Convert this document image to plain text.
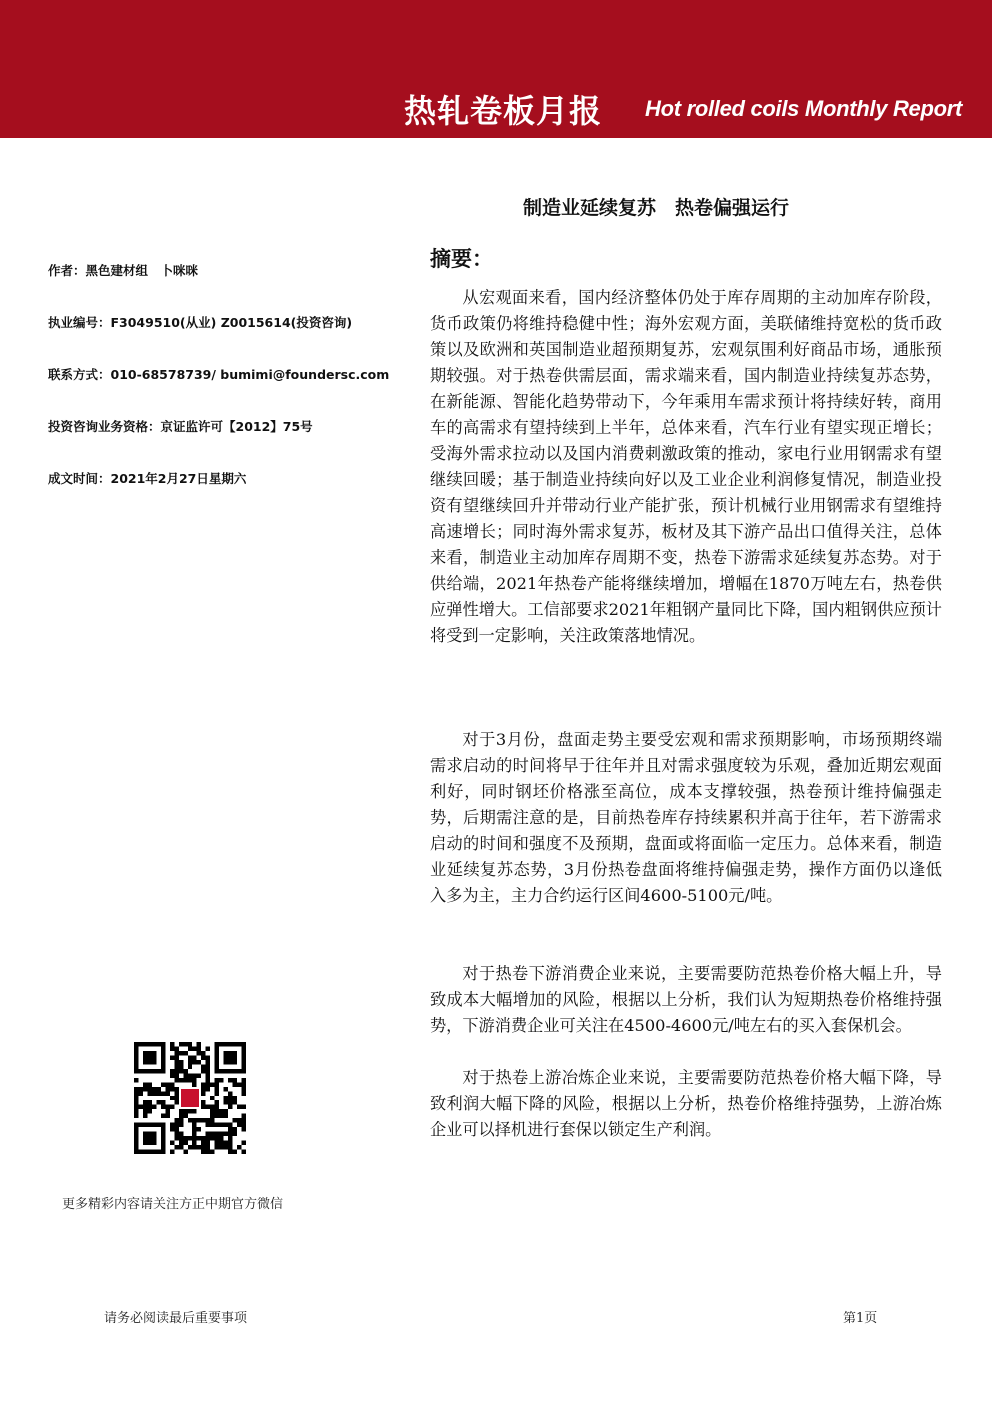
热轧卷板月报 Hot rolled coils Monthly Report
制造业延续复苏　热卷偏强运行
作者：黑色建材组　卜咪咪
执业编号：F3049510(从业) Z0015614(投资咨询)
联系方式：010-68578739/ bumimi@foundersc.com
投资咨询业务资格：京证监许可【2012】75号
成文时间：2021年2月27日星期六
摘要：

从宏观面来看，国内经济整体仍处于库存周期的主动加库存阶段，货币政策仍将维持稳健中性；海外宏观方面，美联储维持宽松的货币政策以及欧洲和英国制造业超预期复苏，宏观氛围利好商品市场，通胀预期较强。对于热卷供需层面，需求端来看，国内制造业持续复苏态势，在新能源、智能化趋势带动下，今年乘用车需求预计将持续好转，商用车的高需求有望持续到上半年，总体来看，汽车行业有望实现正增长；受海外需求拉动以及国内消费刺激政策的推动，家电行业用钢需求有望继续回暖；基于制造业持续向好以及工业企业利润修复情况，制造业投资有望继续回升并带动行业产能扩张，预计机械行业用钢需求有望维持高速增长；同时海外需求复苏，板材及其下游产品出口值得关注，总体来看，制造业主动加库存周期不变，热卷下游需求延续复苏态势。对于供给端，2021年热卷产能将继续增加，增幅在1870万吨左右，热卷供应弹性增大。工信部要求2021年粗钢产量同比下降，国内粗钢供应预计将受到一定影响，关注政策落地情况。

对于3月份，盘面走势主要受宏观和需求预期影响，市场预期终端需求启动的时间将早于往年并且对需求强度较为乐观，叠加近期宏观面利好，同时钢坯价格涨至高位，成本支撑较强，热卷预计维持偏强走势，后期需注意的是，目前热卷库存持续累积并高于往年，若下游需求启动的时间和强度不及预期，盘面或将面临一定压力。总体来看，制造业延续复苏态势，3月份热卷盘面将维持偏强走势，操作方面仍以逢低入多为主，主力合约运行区间4600-5100元/吨。

对于热卷下游消费企业来说，主要需要防范热卷价格大幅上升，导致成本大幅增加的风险，根据以上分析，我们认为短期热卷价格维持强势，下游消费企业可关注在4500-4600元/吨左右的买入套保机会。

对于热卷上游冶炼企业来说，主要需要防范热卷价格大幅下降，导致利润大幅下降的风险，根据以上分析，热卷价格维持强势，上游冶炼企业可以择机进行套保以锁定生产利润。

更多精彩内容请关注方正中期官方微信
请务必阅读最后重要事项	第1页
